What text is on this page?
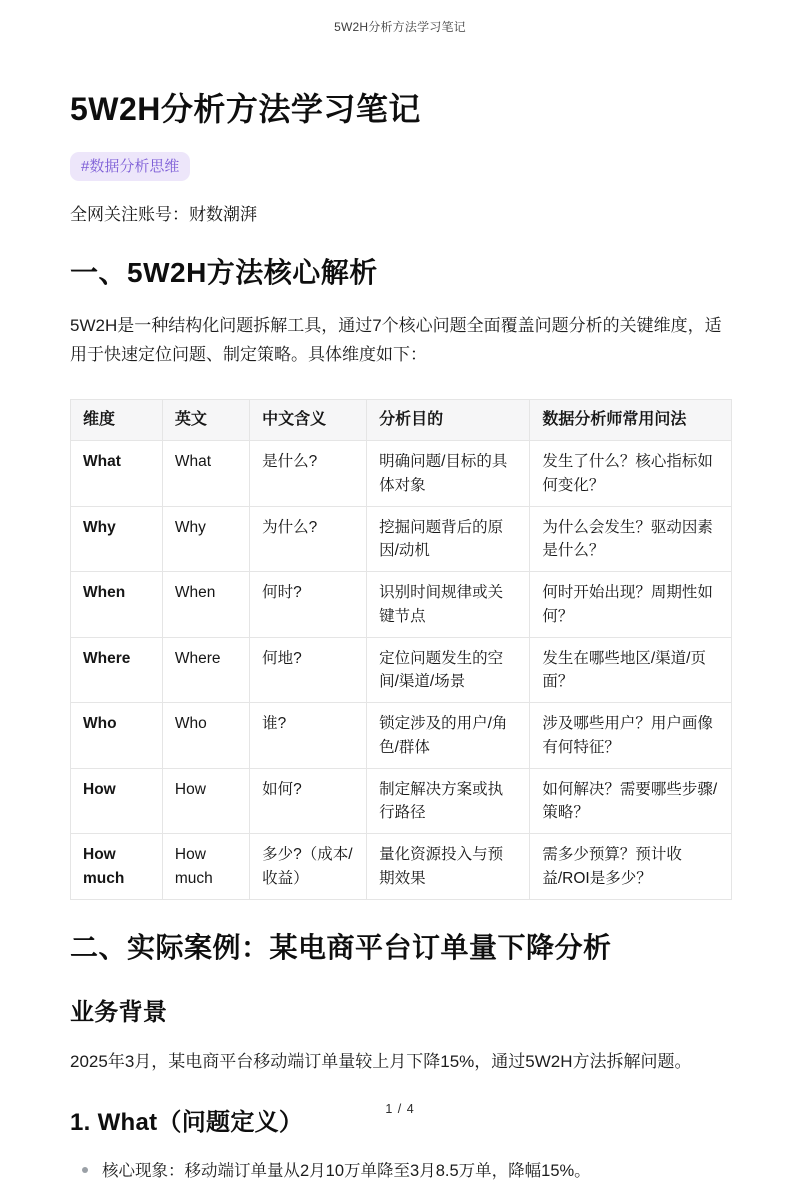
5W2H分析方法学习笔记
5W2H分析方法学习笔记
#数据分析思维
全网关注账号：财数潮湃
一、5W2H方法核心解析

5W2H是一种结构化问题拆解工具，通过7个核心问题全面覆盖问题分析的关键维度，适用于快速定位问题、制定策略。具体维度如下：

维度	英文	中文含义	分析目的	数据分析师常用问法
What	What	是什么?	明确问题/目标的具体对象	发生了什么？核心指标如何变化？
Why	Why	为什么?	挖掘问题背后的原因/动机	为什么会发生？驱动因素是什么？
When	When	何时?	识别时间规律或关键节点	何时开始出现？周期性如何？
Where	Where	何地?	定位问题发生的空间/渠道/场景	发生在哪些地区/渠道/页面？
Who	Who	谁?	锁定涉及的用户/角色/群体	涉及哪些用户？用户画像有何特征？
How	How	如何?	制定解决方案或执行路径	如何解决？需要哪些步骤/策略？
How much	How much	多少?（成本/收益）	量化资源投入与预期效果	需多少预算？预计收益/ROI是多少？
二、实际案例：某电商平台订单量下降分析
业务背景

2025年3月，某电商平台移动端订单量较上月下降15%，通过5W2H方法拆解问题。

1. What（问题定义）
核心现象：移动端订单量从2月10万单降至3月8.5万单，降幅15%。
1 / 4
